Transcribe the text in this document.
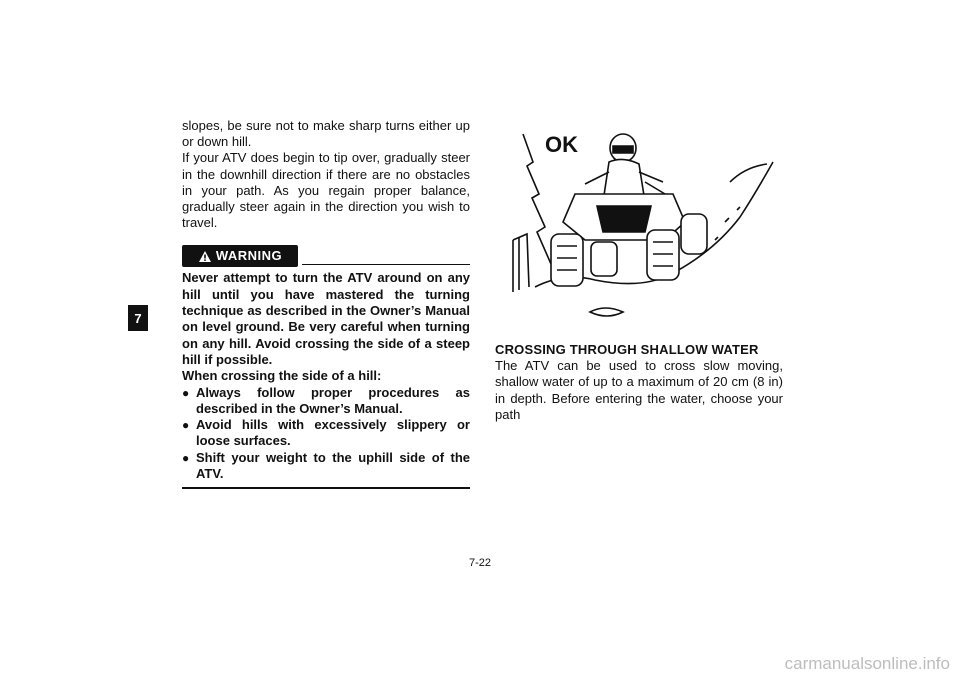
7

slopes, be sure not to make sharp turns either up or down hill.

If your ATV does begin to tip over, gradually steer in the downhill direction if there are no obstacles in your path. As you regain proper balance, gradually steer again in the direction you wish to travel.

WARNING

Never attempt to turn the ATV around on any hill until you have mastered the turning technique as described in the Owner’s Manual on level ground. Be very careful when turning on any hill. Avoid crossing the side of a steep hill if possible.

When crossing the side of a hill:

● Always follow proper procedures as described in the Owner’s Manual.
● Avoid hills with excessively slippery or loose surfaces.
● Shift your weight to the uphill side of the ATV.
OK
CROSSING THROUGH SHALLOW WATER

The ATV can be used to cross slow moving, shallow water of up to a maximum of 20 cm (8 in) in depth. Before entering the water, choose your path

7-22
carmanualsonline.info
